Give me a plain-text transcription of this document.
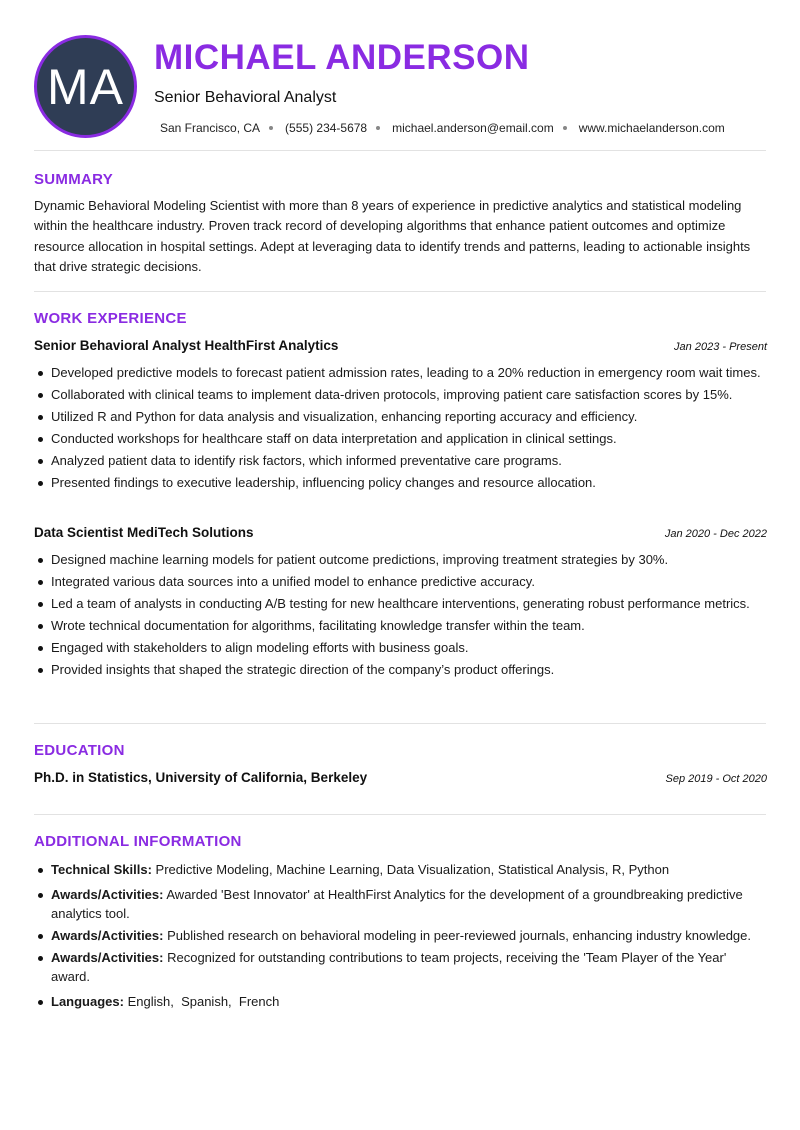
MA
MICHAEL ANDERSON
Senior Behavioral Analyst
San Francisco, CA (555) 234-5678 michael.anderson@email.com www.michaelanderson.com
SUMMARY
Dynamic Behavioral Modeling Scientist with more than 8 years of experience in predictive analytics and statistical modeling within the healthcare industry. Proven track record of developing algorithms that enhance patient outcomes and optimize resource allocation in hospital settings. Adept at leveraging data to identify trends and patterns, leading to actionable insights that drive strategic decisions.
WORK EXPERIENCE
Senior Behavioral Analyst HealthFirst Analytics	Jan 2023 - Present
Developed predictive models to forecast patient admission rates, leading to a 20% reduction in emergency room wait times.
Collaborated with clinical teams to implement data-driven protocols, improving patient care satisfaction scores by 15%.
Utilized R and Python for data analysis and visualization, enhancing reporting accuracy and efficiency.
Conducted workshops for healthcare staff on data interpretation and application in clinical settings.
Analyzed patient data to identify risk factors, which informed preventative care programs.
Presented findings to executive leadership, influencing policy changes and resource allocation.
Data Scientist MediTech Solutions	Jan 2020 - Dec 2022
Designed machine learning models for patient outcome predictions, improving treatment strategies by 30%.
Integrated various data sources into a unified model to enhance predictive accuracy.
Led a team of analysts in conducting A/B testing for new healthcare interventions, generating robust performance metrics.
Wrote technical documentation for algorithms, facilitating knowledge transfer within the team.
Engaged with stakeholders to align modeling efforts with business goals.
Provided insights that shaped the strategic direction of the company’s product offerings.
EDUCATION
Ph.D. in Statistics, University of California, Berkeley	Sep 2019 - Oct 2020
ADDITIONAL INFORMATION
Technical Skills: Predictive Modeling, Machine Learning, Data Visualization, Statistical Analysis, R, Python
Awards/Activities: Awarded 'Best Innovator' at HealthFirst Analytics for the development of a groundbreaking predictive analytics tool.
Awards/Activities: Published research on behavioral modeling in peer-reviewed journals, enhancing industry knowledge.
Awards/Activities: Recognized for outstanding contributions to team projects, receiving the 'Team Player of the Year' award.
Languages: English,  Spanish,  French
